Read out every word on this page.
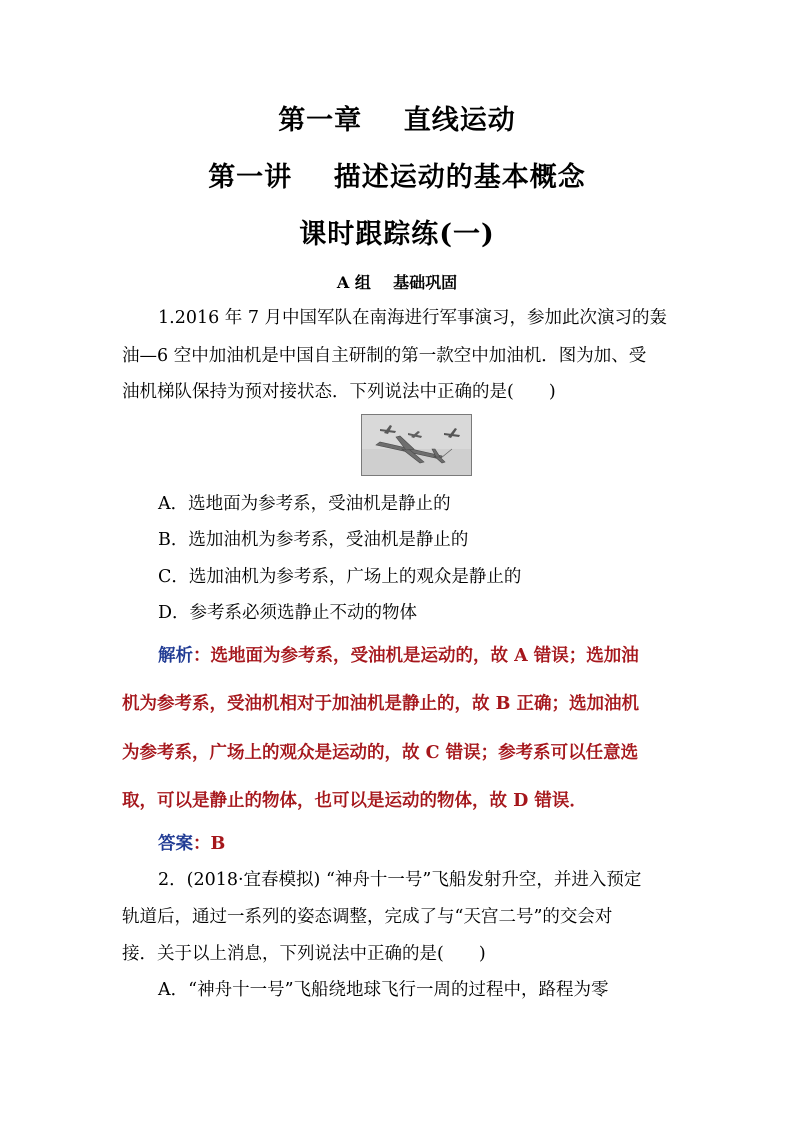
第一章    直线运动
第一讲    描述运动的基本概念
课时跟踪练(一)
A 组    基础巩固
1.2016 年 7 月中国军队在南海进行军事演习，参加此次演习的轰
油—6 空中加油机是中国自主研制的第一款空中加油机．图为加、受
油机梯队保持为预对接状态．下列说法中正确的是(　　)
A．选地面为参考系，受油机是静止的
B．选加油机为参考系，受油机是静止的
C．选加油机为参考系，广场上的观众是静止的
D．参考系必须选静止不动的物体
解析：选地面为参考系，受油机是运动的，故 A 错误；选加油
机为参考系，受油机相对于加油机是静止的，故 B 正确；选加油机
为参考系，广场上的观众是运动的，故 C 错误；参考系可以任意选
取，可以是静止的物体，也可以是运动的物体，故 D 错误．
答案：B
2．(2018·宜春模拟) “神舟十一号”飞船发射升空，并进入预定
轨道后，通过一系列的姿态调整，完成了与“天宫二号”的交会对
接．关于以上消息，下列说法中正确的是(　　)
A．“神舟十一号”飞船绕地球飞行一周的过程中，路程为零
